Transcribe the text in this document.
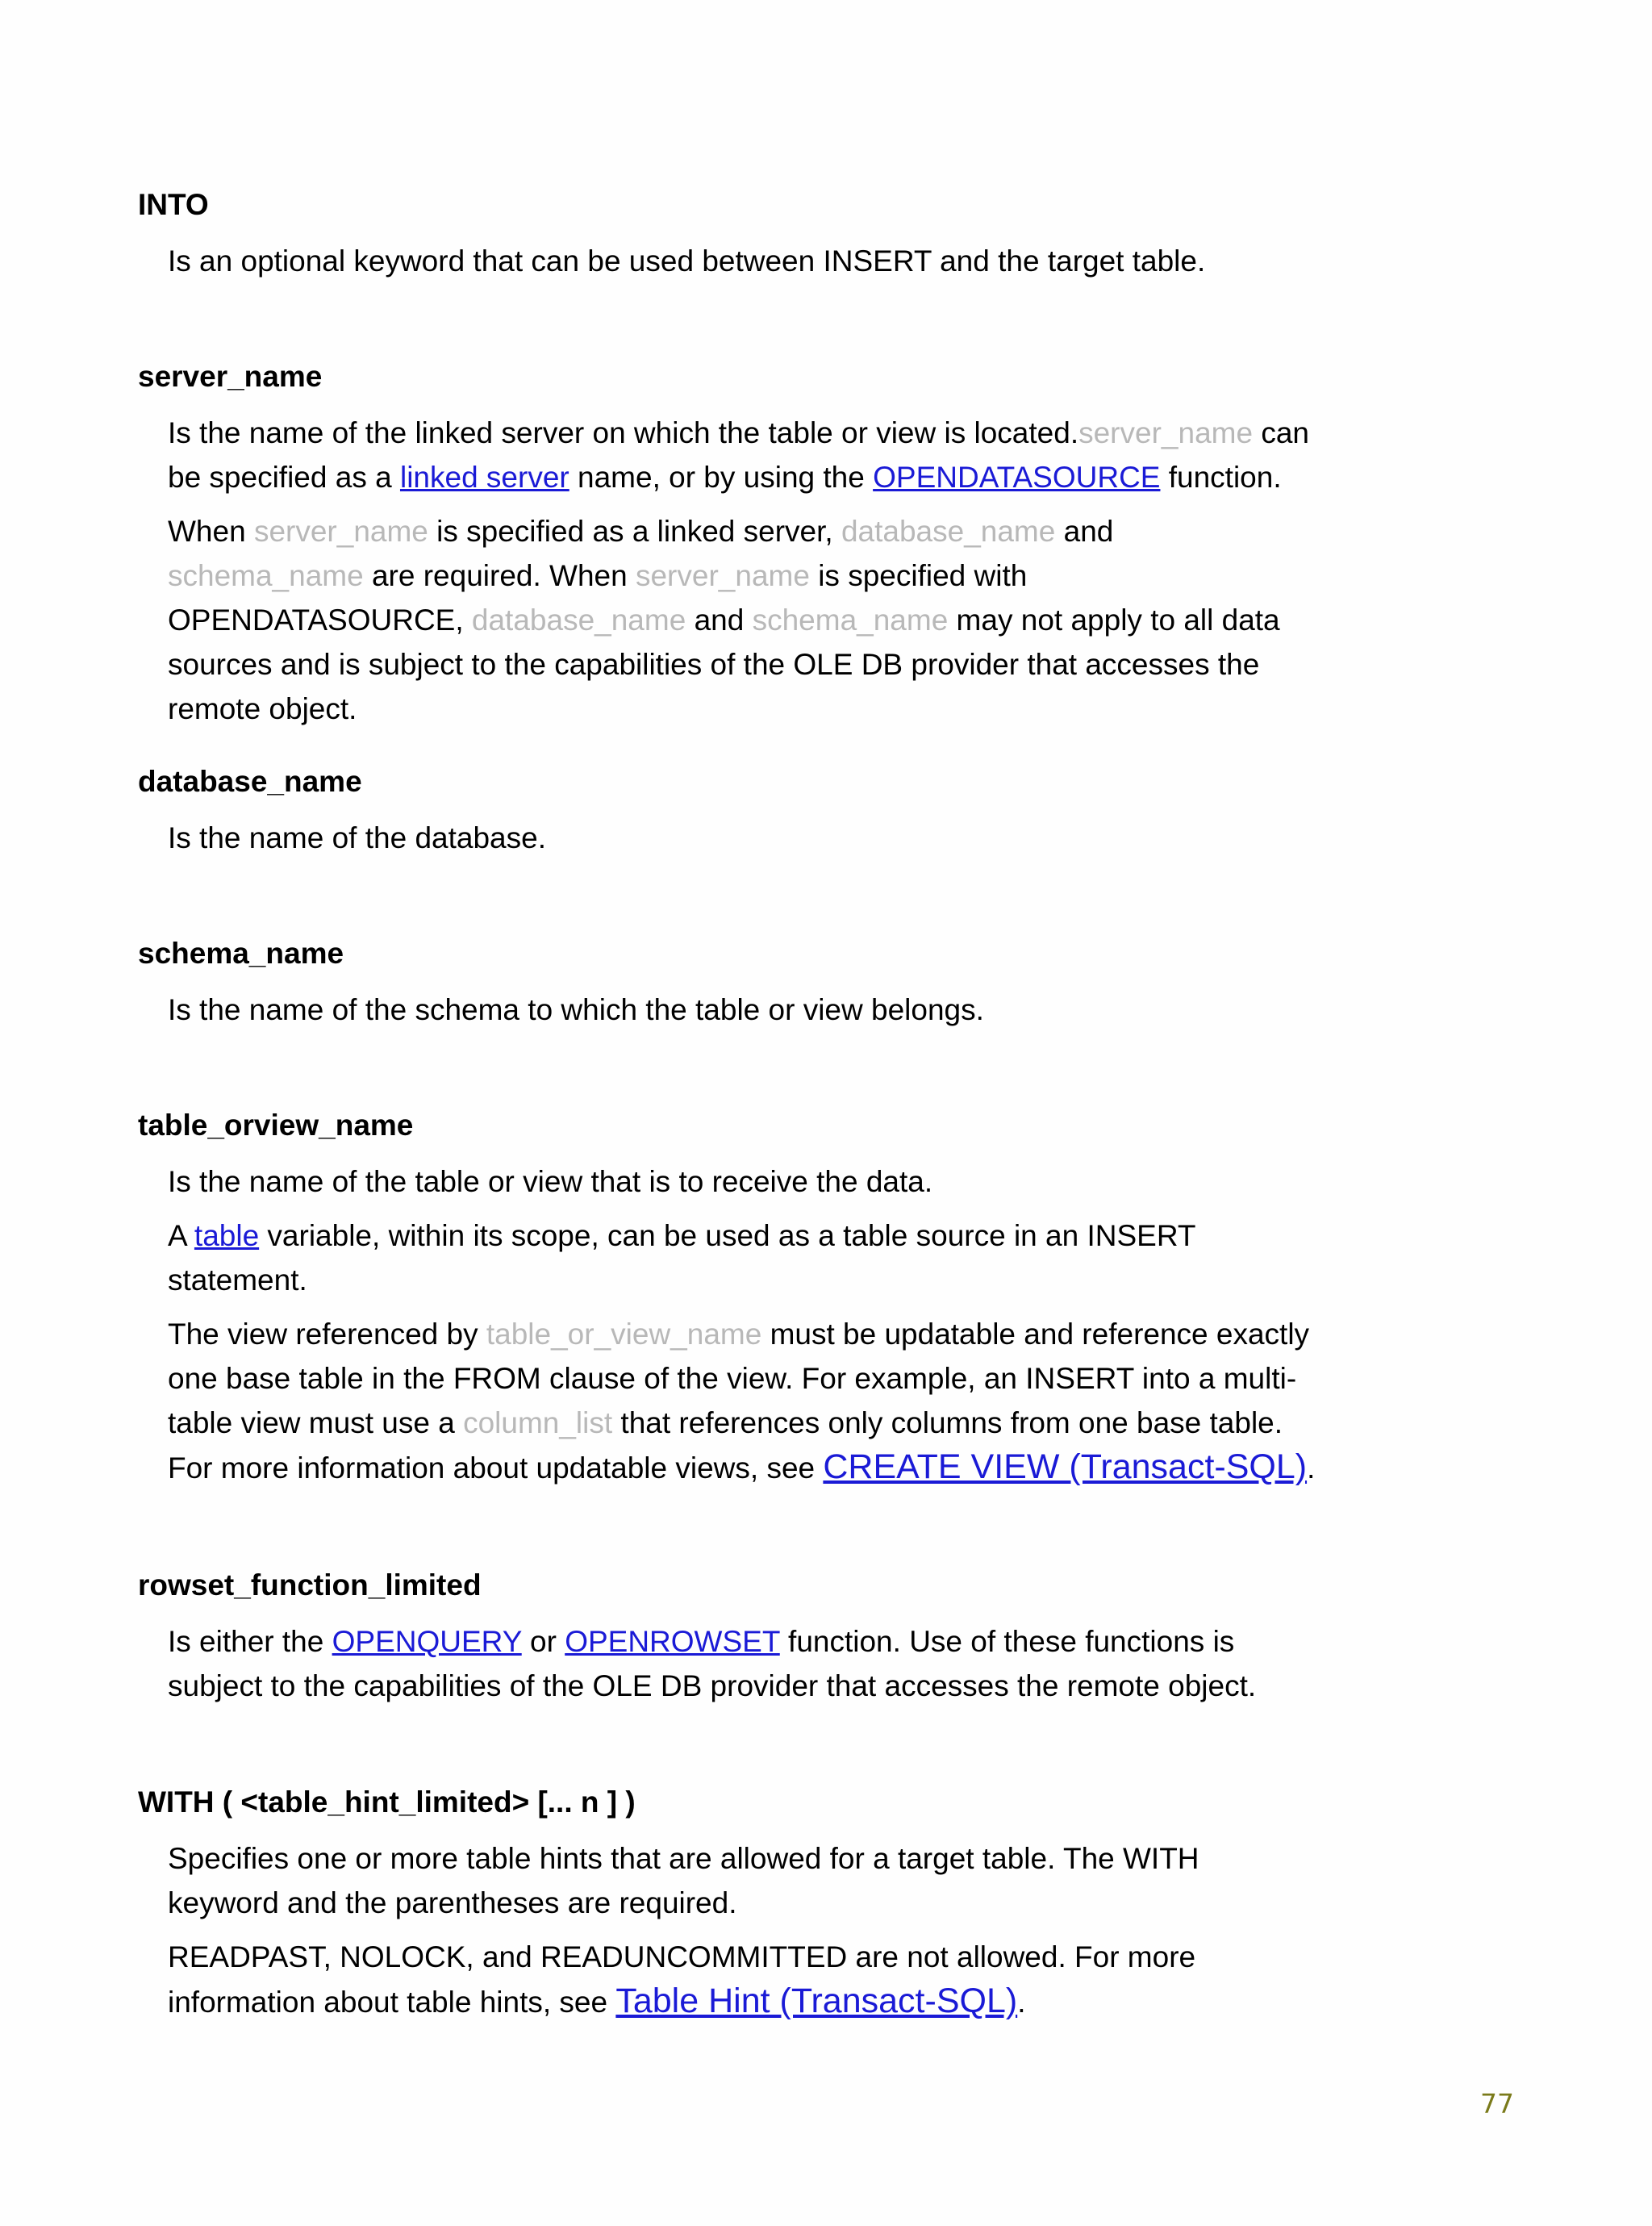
INTO

Is an optional keyword that can be used between INSERT and the target table.

server_name

Is the name of the linked server on which the table or view is located.server_name can be specified as a linked server name, or by using the OPENDATASOURCE function.

When server_name is specified as a linked server, database_name and schema_name are required. When server_name is specified with OPENDATASOURCE, database_name and schema_name may not apply to all data sources and is subject to the capabilities of the OLE DB provider that accesses the remote object.

database_name

Is the name of the database.

schema_name

Is the name of the schema to which the table or view belongs.

table_orview_name

Is the name of the table or view that is to receive the data.

A table variable, within its scope, can be used as a table source in an INSERT statement.

The view referenced by table_or_view_name must be updatable and reference exactly one base table in the FROM clause of the view. For example, an INSERT into a multi-table view must use a column_list that references only columns from one base table. For more information about updatable views, see CREATE VIEW (Transact-SQL).

rowset_function_limited

Is either the OPENQUERY or OPENROWSET function. Use of these functions is subject to the capabilities of the OLE DB provider that accesses the remote object.

WITH ( <table_hint_limited> [... n ] )

Specifies one or more table hints that are allowed for a target table. The WITH keyword and the parentheses are required.

READPAST, NOLOCK, and READUNCOMMITTED are not allowed. For more information about table hints, see Table Hint (Transact-SQL).

77
